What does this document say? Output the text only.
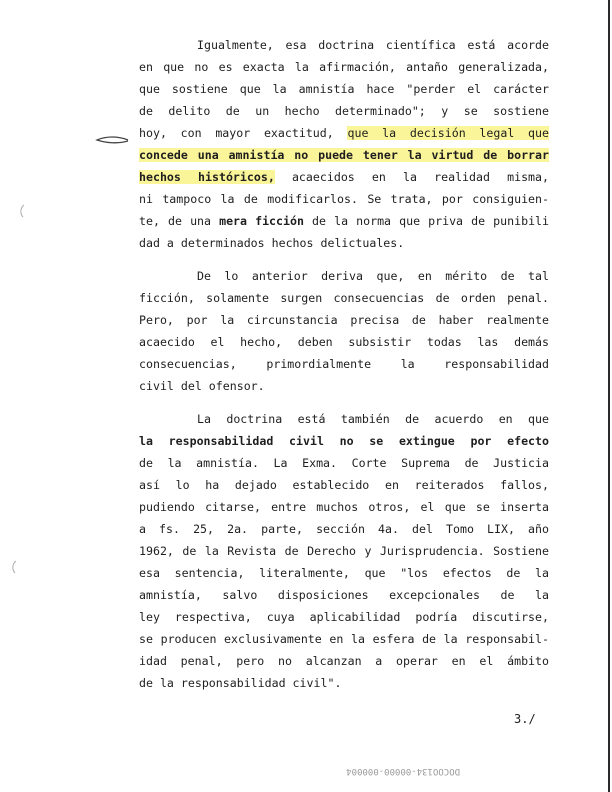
Igualmente, esa doctrina científica está acorde
en que no es exacta la afirmación, antaño generalizada,
que sostiene que la amnistía hace "perder el carácter
de delito de un hecho determinado"; y se sostiene
hoy, con mayor exactitud, que la decisión legal que
concede una amnistía no puede tener la virtud de borrar
hechos históricos, acaecidos en la realidad misma,
ni tampoco la de modificarlos. Se trata, por consiguien-
te, de una mera ficción de la norma que priva de punibili
dad a determinados hechos delictuales.
De lo anterior deriva que, en mérito de tal
ficción, solamente surgen consecuencias de orden penal.
Pero, por la circunstancia precisa de haber realmente
acaecido el hecho, deben subsistir todas las demás
consecuencias, primordialmente la responsabilidad
civil del ofensor.
La doctrina está también de acuerdo en que
la responsabilidad civil no se extingue por efecto
de la amnistía. La Exma. Corte Suprema de Justicia
así lo ha dejado establecido en reiterados fallos,
pudiendo citarse, entre muchos otros, el que se inserta
a fs. 25, 2a. parte, sección 4a. del Tomo LIX, año
1962, de la Revista de Derecho y Jurisprudencia. Sostiene
esa sentencia, literalmente, que "los efectos de la
amnistía, salvo disposiciones excepcionales de la
ley respectiva, cuya aplicabilidad podría discutirse,
se producen exclusivamente en la esfera de la responsabil-
idad penal, pero no alcanzan a operar en el ámbito
de la responsabilidad civil".
3./
DOCOO134-00000-000004
